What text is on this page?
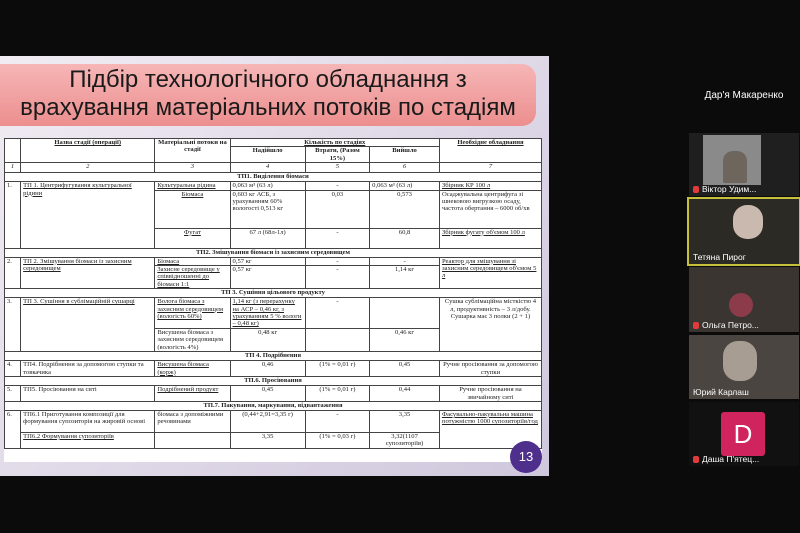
Підбір технологічного обладнання з
врахування матеріальних потоків по стадіям
	Назва стадії (операції)	Матеріальні потоки на стадії	Кількість по стадіях			Необхідне обладнання
			Надійшло	Втрати, (Разом 15%)	Вийшло	
1	2	3	4	5	6	7
ТП1. Виділення біомаси						
1.	ТП 1. Центрифугування культуральної рідини	Культуральна рідина	0,063 м³ (63 л)	-	0,063 м³ (63 л)	Збірник КР 100 л
		Біомаса	0,603 кг АСБ, з урахуванням 60% вологості 0,513 кг	0,03	0,573	Осаджувальна центрифуга зі шнековою вигрузкою осаду, частота обертання – 6000 об/хв
		Фугат	67 л (68л-1л)	-	60,8	Збірник фугату об'ємом 100 л
ТП2. Змішування біомаси із захисним середовищем						
2.	ТП 2. Змішування біомаси із захисним середовищем	Біомаса	0,57 кг	-	-	Реактор для змішування зі захисним середовищем об'ємом 5 л
		Захисне середовище у співвідношенні до біомаси 1:1	0,57 кг	-	1,14 кг	
ТП 3. Сушіння цільового продукту						
3.	ТП 3. Сушіння в сублімаційній сушарці	Волога біомаса з захисним середовищем (вологість 60%)	1,14 кг (з перерахунку на АСР – 0,46 кг, з урахуванням 5 % вологи – 0,48 кг)	-		Сушка сублімаційна місткістю 4 л, продуктивність – 3 л/добу. Сушарка має 3 полки (2 + 1)
		Висушена біомаса з захисним середовищем (вологість 4%)	0,48 кг		0,46 кг	
ТП 4. Подрібнення						
4.	ТП4. Подрібнення за допомогою ступки та товкачика	Висушена біомаса (корж)	0,46	(1% = 0,01 г)	0,45	Ручне просіювання за допомогою ступки
ТП.6. Просіювання						
5.	ТП5. Просіювання на ситі	Подрібнений продукт	0,45	(1% = 0,01 г)	0,44	Ручне просіювання на звичайному ситі
ТП.7. Пакування, маркування, відвантаження						
6.	ТП6.1 Приготування композиції для формування супозиторія на жировій основі	біомаса з допоміжними речовинами	(0,44+2,91=3,35 г)	-	3,35	Фасувально-пакувальна машина потужністю 1000 супозиторіїв/год
	ТП6.2 Формування супозиторіїв		3,35	(1% = 0,03 г)	3,32(1107 супозиторіїв)	
13
Дар'я Макаренко
Віктор Удим...
Тетяна Пирог
Ольга Петро...
Юрий Карлаш
D
Даша П'ятец...
